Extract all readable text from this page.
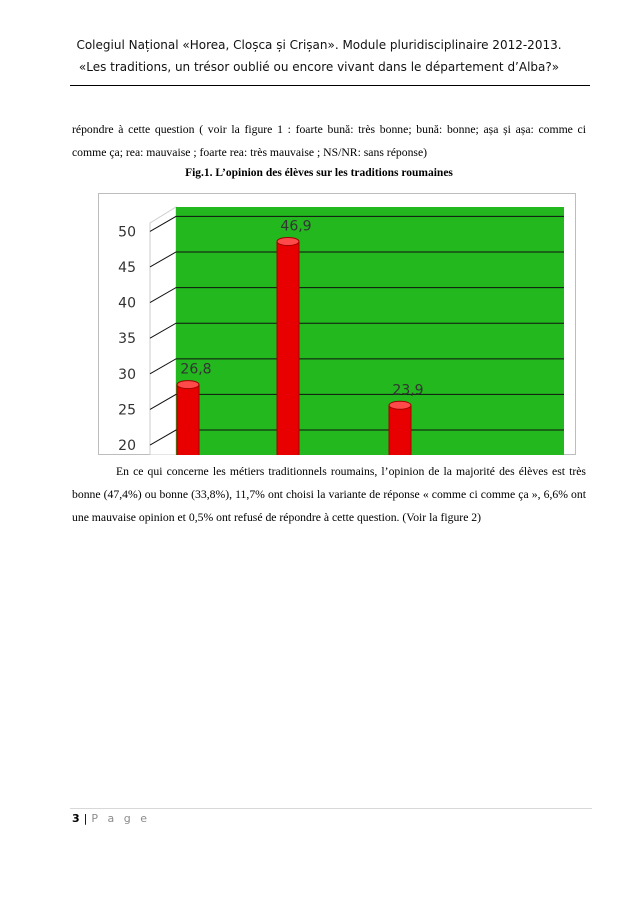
Colegiul Național «Horea, Cloșca și Crișan». Module pluridisciplinaire 2012-2013.
«Les traditions, un trésor oublié ou encore vivant dans le département d’Alba?»
répondre à cette question ( voir la figure 1 : foarte bună: très bonne; bună: bonne; așa și așa: comme ci comme ça; rea: mauvaise ; foarte rea: très mauvaise ; NS/NR: sans réponse)
Fig.1. L’opinion des élèves sur les traditions roumaines
20
25
30
35
40
45
50
26,8
46,9
23,9
En ce qui concerne les métiers traditionnels roumains, l’opinion de la majorité des élèves est très bonne (47,4%) ou bonne (33,8%), 11,7% ont choisi la variante de réponse « comme ci comme ça », 6,6% ont une mauvaise opinion et 0,5% ont refusé de répondre à cette question. (Voir la figure 2)
3 | P a g e
